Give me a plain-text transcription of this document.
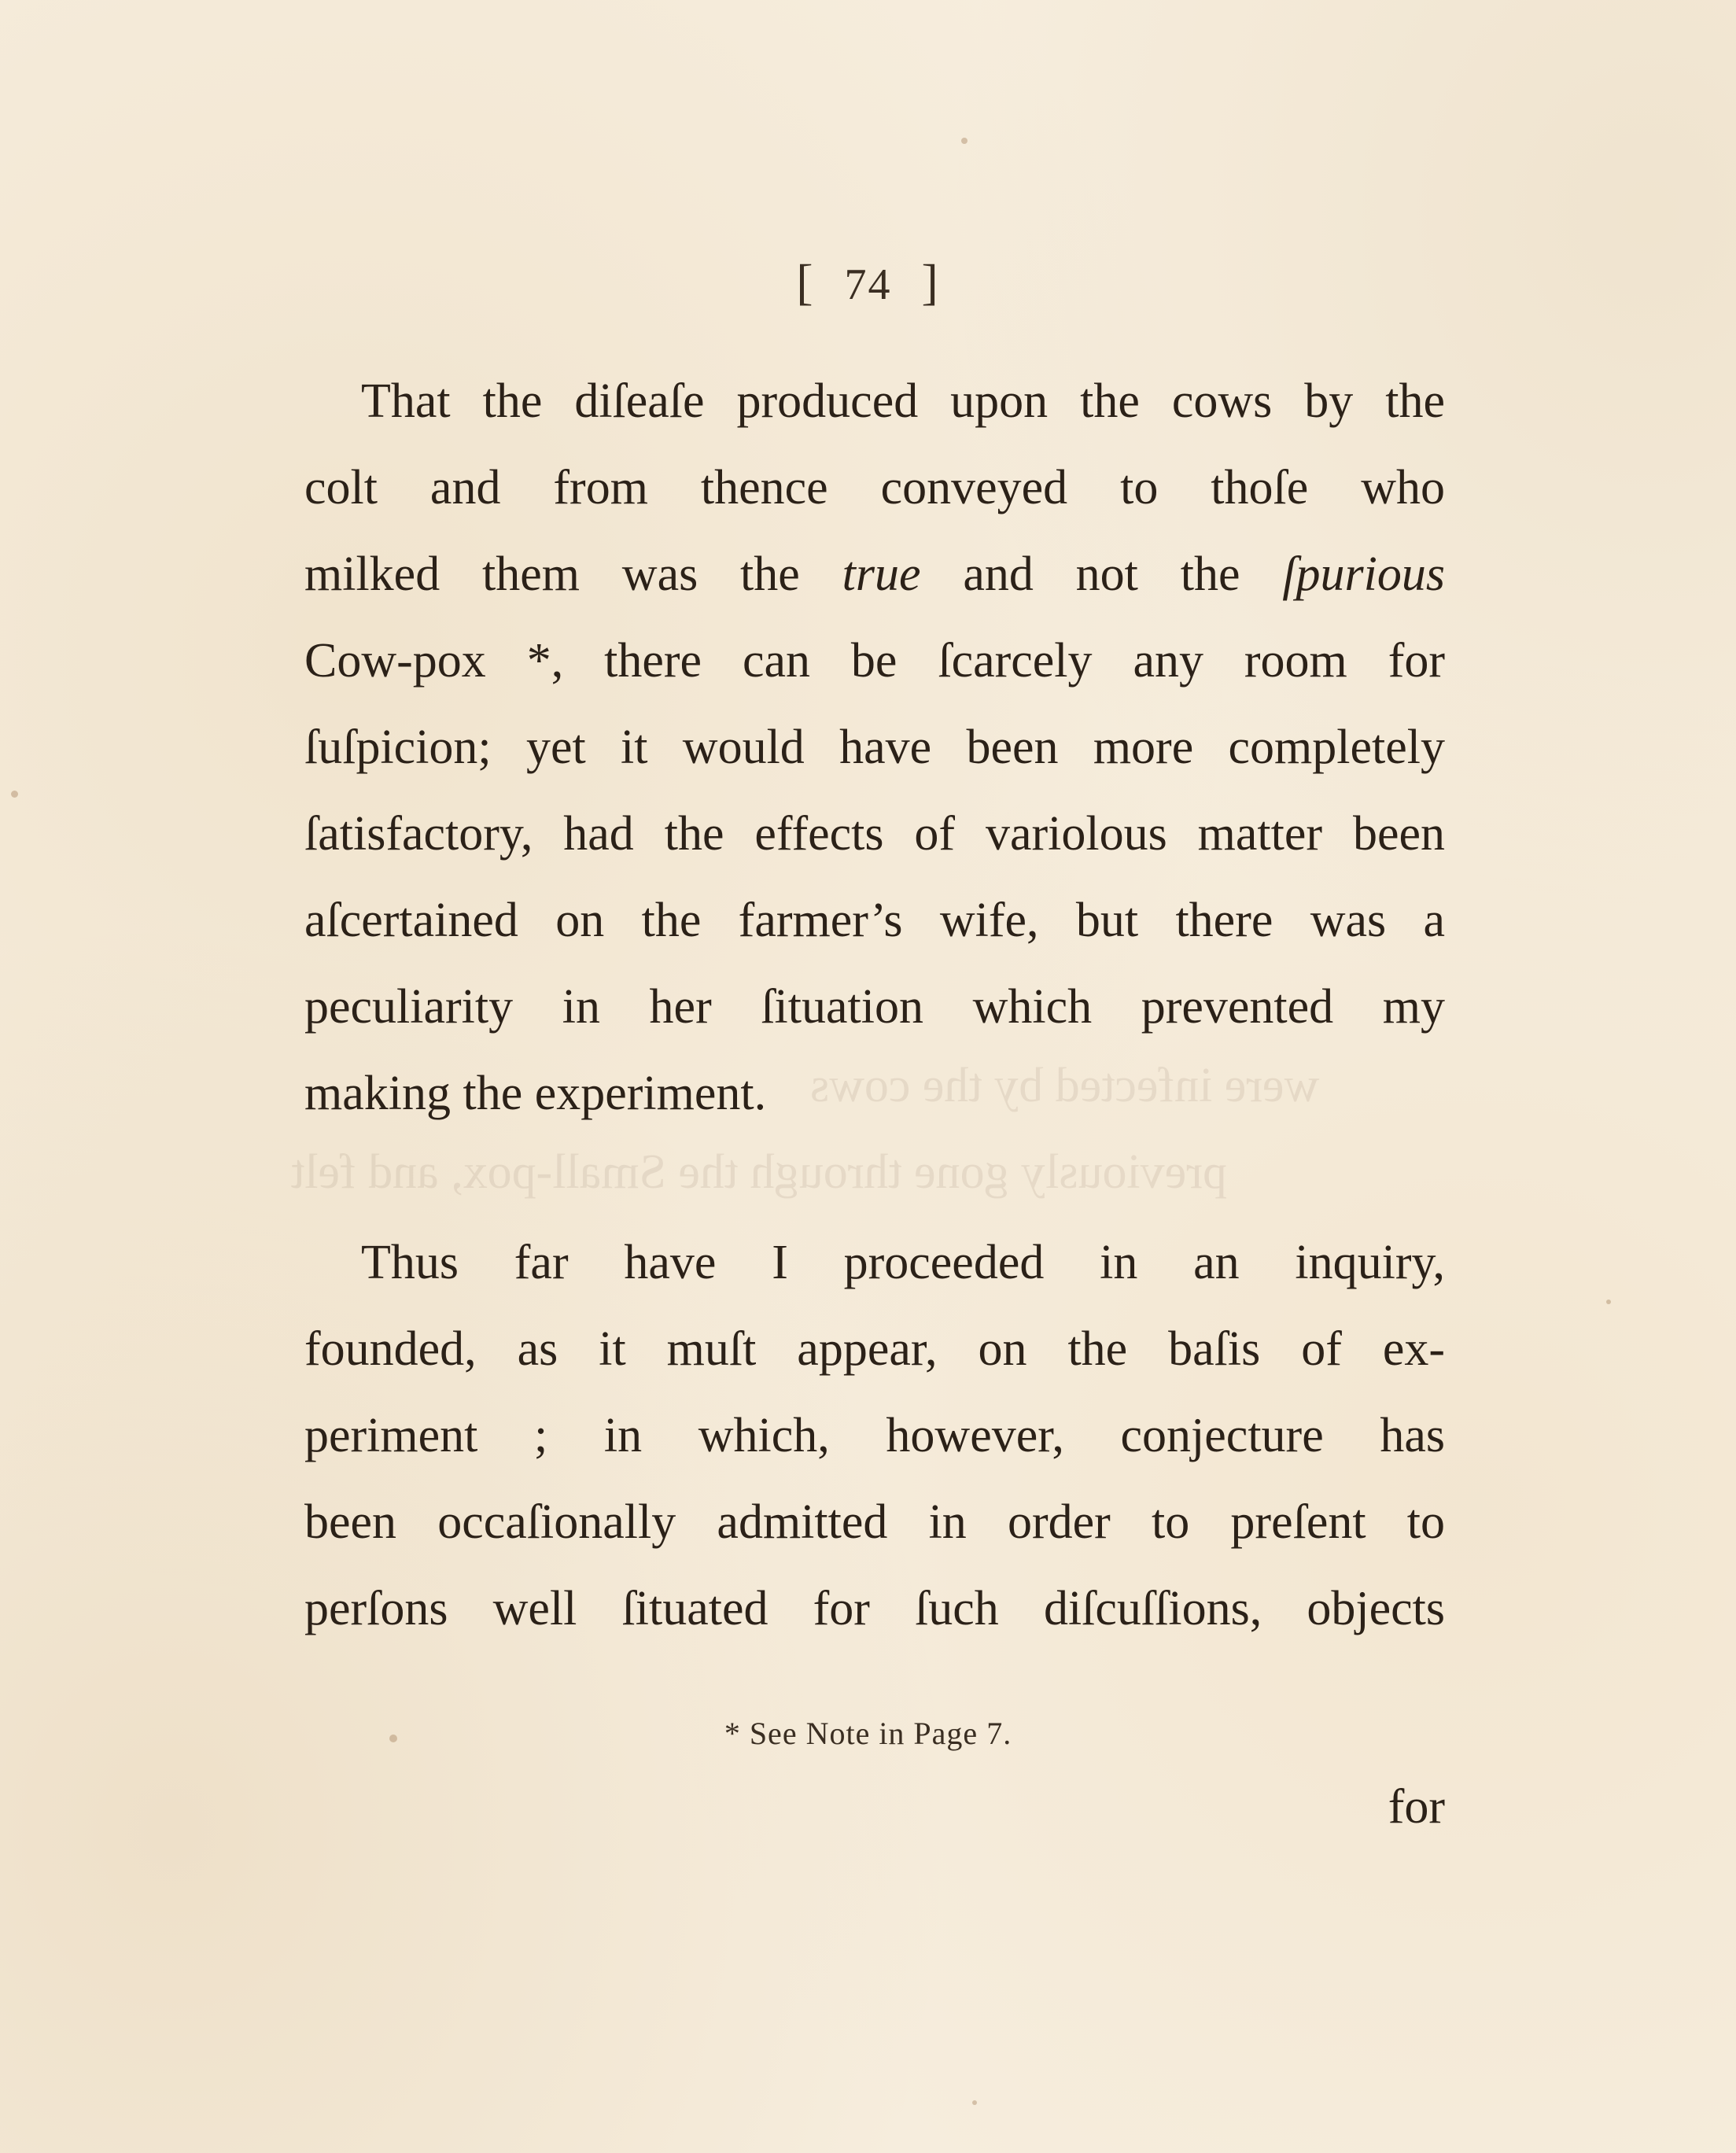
were infected by the cows
previously gone through the Small-pox, and felt
[ 74 ]
That the diſeaſe produced upon the cows by the
colt and from thence conveyed to thoſe who
milked them was the true and not the ſpurious
Cow-pox *, there can be ſcarcely any room for
ſuſpicion; yet it would have been more completely
ſatisfactory, had the effects of variolous matter been
aſcertained on the farmer’s wife, but there was a
peculiarity in her ſituation which prevented my
making the experiment.
Thus far have I proceeded in an inquiry,
founded, as it muſt appear, on the baſis of ex-
periment ; in which, however, conjecture has
been occaſionally admitted in order to preſent to
perſons well ſituated for ſuch diſcuſſions, objects
* See Note in Page 7.
for
